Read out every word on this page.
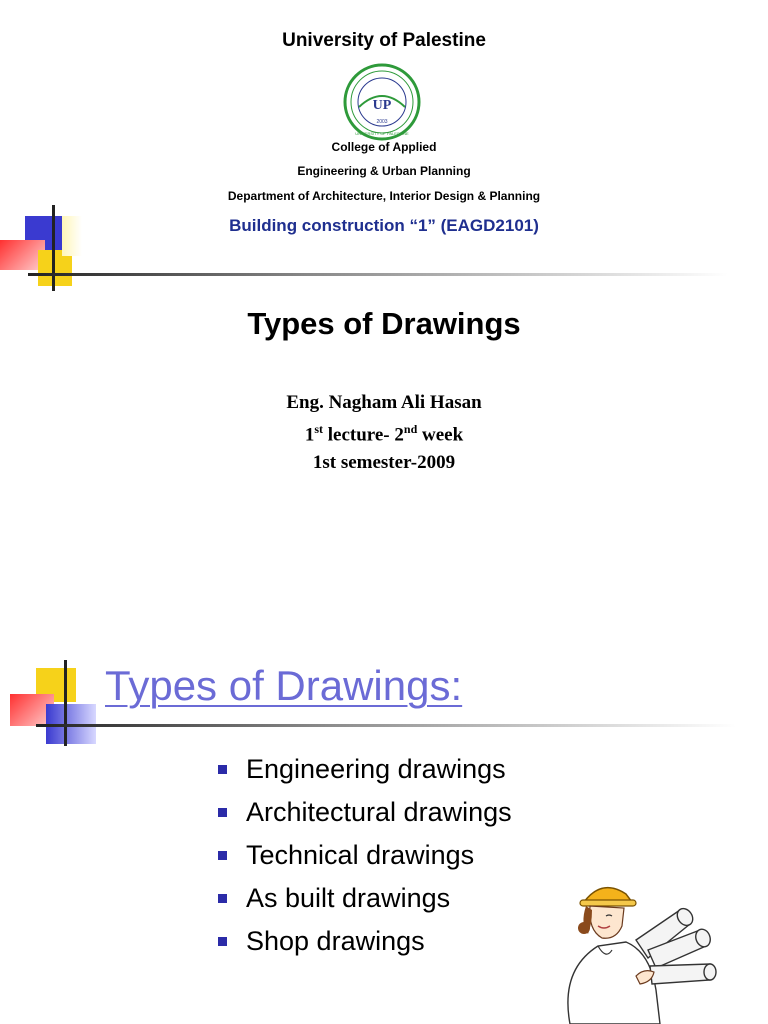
University of Palestine
UP
2003
UNIVERSITY OF PALESTINE
College of Applied
Engineering & Urban Planning
Department of Architecture, Interior Design & Planning
Building construction “1” (EAGD2101)
Types of Drawings
Eng. Nagham Ali Hasan
1st lecture- 2nd week
1st semester-2009
Types of Drawings:
Engineering drawings
Architectural drawings
Technical drawings
As built drawings
Shop drawings
